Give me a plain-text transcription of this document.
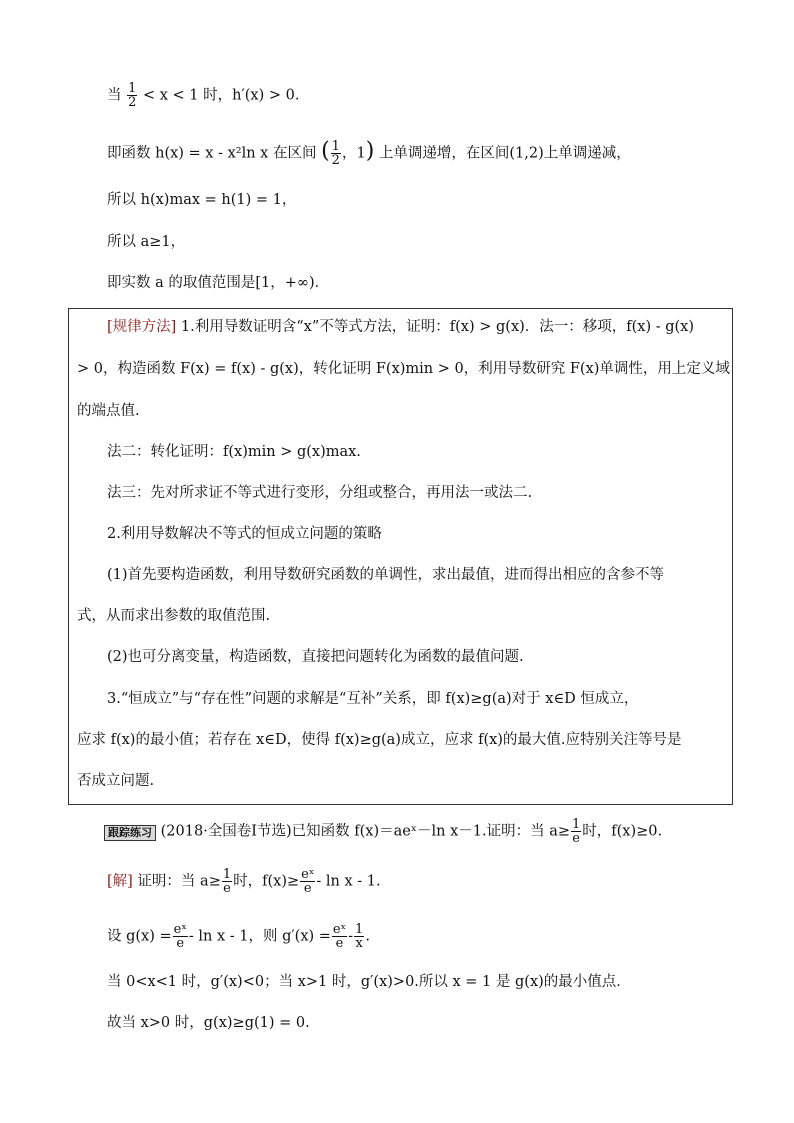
当 $\frac{1}{2} < x < 1$ 时，h′(x) > 0.
即函数 h(x) = x - x²ln x 在区间 ( $\frac{1}{2}$ ，1) 上单调递增，在区间(1,2)上单调递减，
所以 h(x)max = h(1) = 1，
所以 a≥1，
即实数 a 的取值范围是[1，+∞)．
[规律方法] 1.利用导数证明含“x”不等式方法，证明：f(x) > g(x)．法一：移项，f(x) - g(x)
> 0，构造函数 F(x) = f(x) - g(x)，转化证明 F(x)min > 0，利用导数研究 F(x)单调性，用上定义域
的端点值.
法二：转化证明：f(x)min > g(x)max.
法三：先对所求证不等式进行变形，分组或整合，再用法一或法二.
2.利用导数解决不等式的恒成立问题的策略
(1)首先要构造函数，利用导数研究函数的单调性，求出最值，进而得出相应的含参不等
式，从而求出参数的取值范围.
(2)也可分离变量，构造函数，直接把问题转化为函数的最值问题.
3.“恒成立”与“存在性”问题的求解是“互补”关系，即 f(x)≥g(a)对于 x∈D 恒成立，
应求 f(x)的最小值；若存在 x∈D，使得 f(x)≥g(a)成立，应求 f(x)的最大值.应特别关注等号是
否成立问题.
跟踪练习 (2018·全国卷Ⅰ节选)已知函数 f(x)＝aeˣ－ln x－1.证明：当 $a\ge \frac{1}{e}$ 时，f(x)≥0.
[解] 证明：当 $a\ge \frac{1}{e}$ 时，$f(x)\ge \frac{\text{eˣ}}{e} - \ln x - 1$.
设 $g(x) = \frac{\text{eˣ}}{e} - \ln x - 1$，则 $g'(x) = \frac{\text{eˣ}}{e} - \frac{1}{x}$ .
当 0<x<1 时，g′(x)<0；当 x>1 时，g′(x)>0.所以 x = 1 是 g(x)的最小值点．
故当 x>0 时，g(x)≥g(1) = 0.
